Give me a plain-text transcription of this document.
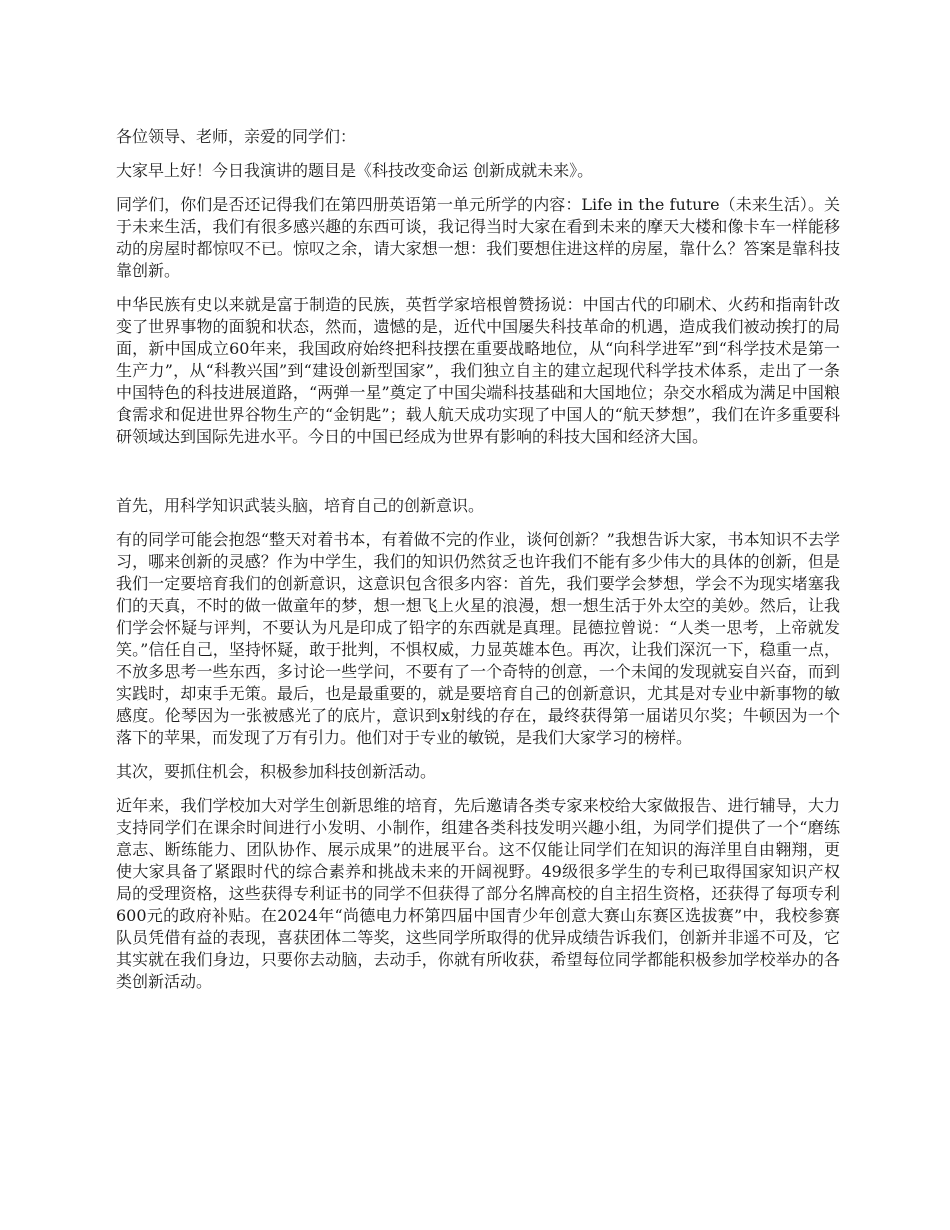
各位领导、老师，亲爱的同学们：

大家早上好！今日我演讲的题目是《科技改变命运 创新成就未来》。

同学们，你们是否还记得我们在第四册英语第一单元所学的内容：Life in the future（未来生活）。关于未来生活，我们有很多感兴趣的东西可谈，我记得当时大家在看到未来的摩天大楼和像卡车一样能移动的房屋时都惊叹不已。惊叹之余，请大家想一想：我们要想住进这样的房屋，靠什么？答案是靠科技靠创新。

中华民族有史以来就是富于制造的民族，英哲学家培根曾赞扬说：中国古代的印刷术、火药和指南针改变了世界事物的面貌和状态，然而，遗憾的是，近代中国屡失科技革命的机遇，造成我们被动挨打的局面，新中国成立60年来，我国政府始终把科技摆在重要战略地位，从“向科学进军”到“科学技术是第一生产力”，从“科教兴国”到“建设创新型国家”，我们独立自主的建立起现代科学技术体系，走出了一条中国特色的科技进展道路，“两弹一星”奠定了中国尖端科技基础和大国地位；杂交水稻成为满足中国粮食需求和促进世界谷物生产的“金钥匙”；载人航天成功实现了中国人的“航天梦想”，我们在许多重要科研领域达到国际先进水平。今日的中国已经成为世界有影响的科技大国和经济大国。

首先，用科学知识武装头脑，培育自己的创新意识。

有的同学可能会抱怨“整天对着书本，有着做不完的作业，谈何创新？”我想告诉大家，书本知识不去学习，哪来创新的灵感？作为中学生，我们的知识仍然贫乏也许我们不能有多少伟大的具体的创新，但是我们一定要培育我们的创新意识，这意识包含很多内容：首先，我们要学会梦想，学会不为现实堵塞我们的天真，不时的做一做童年的梦，想一想飞上火星的浪漫，想一想生活于外太空的美妙。然后，让我们学会怀疑与评判，不要认为凡是印成了铅字的东西就是真理。昆德拉曾说：“人类一思考，上帝就发笑。”信任自己，坚持怀疑，敢于批判，不惧权威，力显英雄本色。再次，让我们深沉一下，稳重一点，不放多思考一些东西，多讨论一些学问，不要有了一个奇特的创意，一个未闻的发现就妄自兴奋，而到实践时，却束手无策。最后，也是最重要的，就是要培育自己的创新意识，尤其是对专业中新事物的敏感度。伦琴因为一张被感光了的底片，意识到x射线的存在，最终获得第一届诺贝尔奖；牛顿因为一个落下的苹果，而发现了万有引力。他们对于专业的敏锐，是我们大家学习的榜样。

其次，要抓住机会，积极参加科技创新活动。

近年来，我们学校加大对学生创新思维的培育，先后邀请各类专家来校给大家做报告、进行辅导，大力支持同学们在课余时间进行小发明、小制作，组建各类科技发明兴趣小组，为同学们提供了一个“磨练意志、断练能力、团队协作、展示成果”的进展平台。这不仅能让同学们在知识的海洋里自由翱翔，更使大家具备了紧跟时代的综合素养和挑战未来的开阔视野。49级很多学生的专利已取得国家知识产权局的受理资格，这些获得专利证书的同学不但获得了部分名牌高校的自主招生资格，还获得了每项专利600元的政府补贴。在2024年“尚德电力杯第四届中国青少年创意大赛山东赛区选拔赛”中，我校参赛队员凭借有益的表现，喜获团体二等奖，这些同学所取得的优异成绩告诉我们，创新并非遥不可及，它其实就在我们身边，只要你去动脑，去动手，你就有所收获，希望每位同学都能积极参加学校举办的各类创新活动。
